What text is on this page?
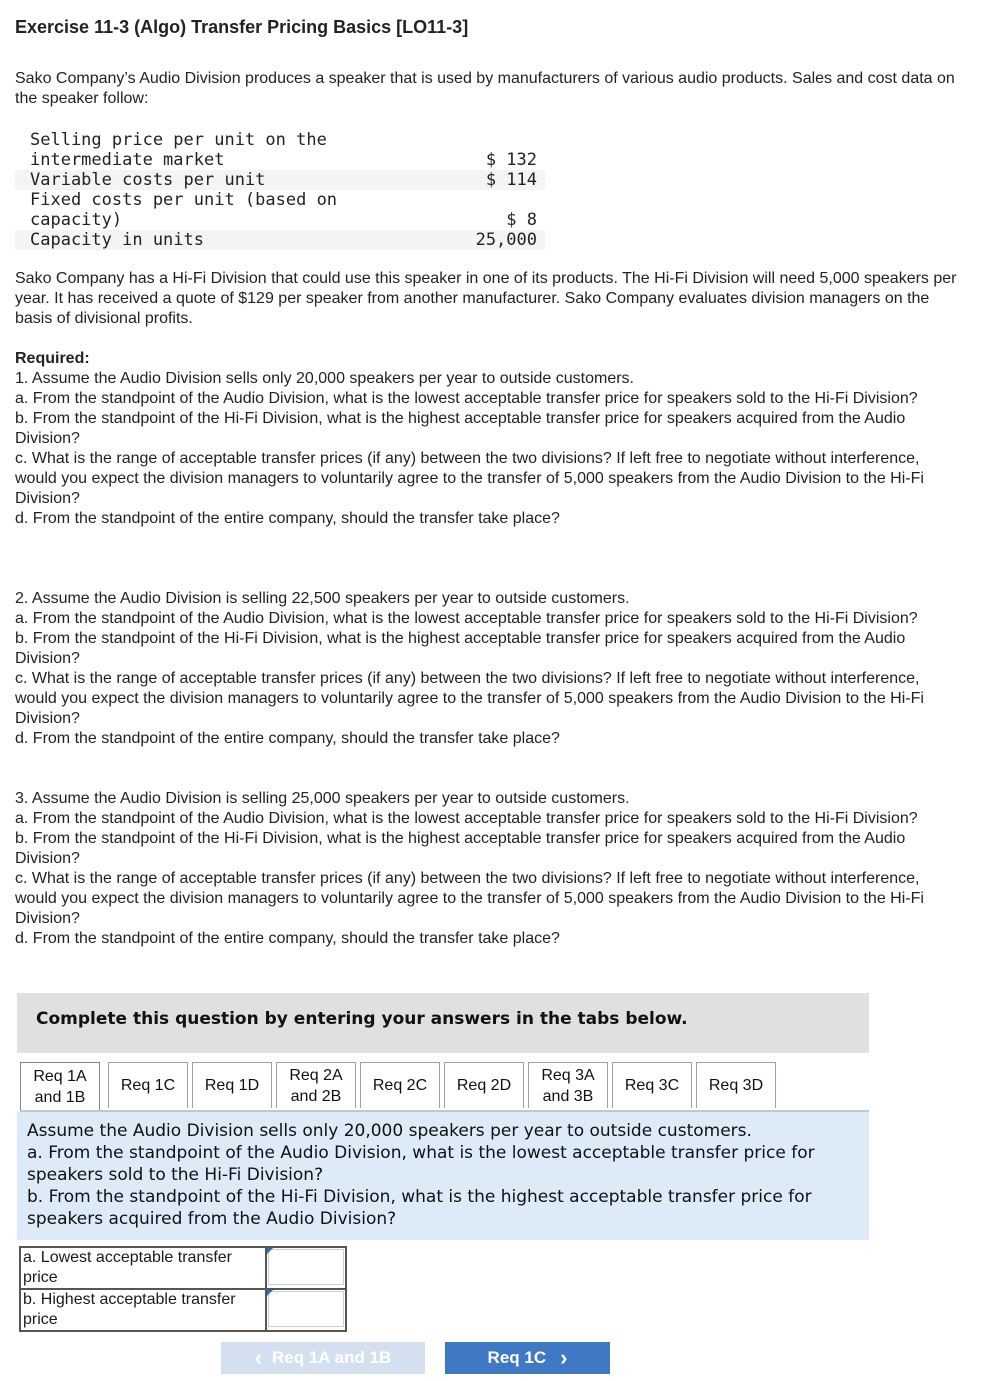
Exercise 11-3 (Algo) Transfer Pricing Basics [LO11-3]
Sako Company’s Audio Division produces a speaker that is used by manufacturers of various audio products. Sales and cost data on the speaker follow:
Selling price per unit on the
intermediate market	$ 132
Variable costs per unit	$ 114
Fixed costs per unit (based on
capacity)	$ 8
Capacity in units	25,000
Sako Company has a Hi-Fi Division that could use this speaker in one of its products. The Hi-Fi Division will need 5,000 speakers per year. It has received a quote of $129 per speaker from another manufacturer. Sako Company evaluates division managers on the basis of divisional profits.
Required:
1. Assume the Audio Division sells only 20,000 speakers per year to outside customers.
a. From the standpoint of the Audio Division, what is the lowest acceptable transfer price for speakers sold to the Hi-Fi Division?
b. From the standpoint of the Hi-Fi Division, what is the highest acceptable transfer price for speakers acquired from the Audio Division?
c. What is the range of acceptable transfer prices (if any) between the two divisions? If left free to negotiate without interference, would you expect the division managers to voluntarily agree to the transfer of 5,000 speakers from the Audio Division to the Hi-Fi Division?
d. From the standpoint of the entire company, should the transfer take place?
2. Assume the Audio Division is selling 22,500 speakers per year to outside customers.
a. From the standpoint of the Audio Division, what is the lowest acceptable transfer price for speakers sold to the Hi-Fi Division?
b. From the standpoint of the Hi-Fi Division, what is the highest acceptable transfer price for speakers acquired from the Audio Division?
c. What is the range of acceptable transfer prices (if any) between the two divisions? If left free to negotiate without interference, would you expect the division managers to voluntarily agree to the transfer of 5,000 speakers from the Audio Division to the Hi-Fi Division?
d. From the standpoint of the entire company, should the transfer take place?
3. Assume the Audio Division is selling 25,000 speakers per year to outside customers.
a. From the standpoint of the Audio Division, what is the lowest acceptable transfer price for speakers sold to the Hi-Fi Division?
b. From the standpoint of the Hi-Fi Division, what is the highest acceptable transfer price for speakers acquired from the Audio Division?
c. What is the range of acceptable transfer prices (if any) between the two divisions? If left free to negotiate without interference, would you expect the division managers to voluntarily agree to the transfer of 5,000 speakers from the Audio Division to the Hi-Fi Division?
d. From the standpoint of the entire company, should the transfer take place?
Complete this question by entering your answers in the tabs below.
Req 1A
and 1B
Req 1C	Req 1D
Req 2A
and 2B
Req 2C	Req 2D
Req 3A
and 3B
Req 3C	Req 3D
Assume the Audio Division sells only 20,000 speakers per year to outside customers.
a. From the standpoint of the Audio Division, what is the lowest acceptable transfer price for speakers sold to the Hi-Fi Division?
b. From the standpoint of the Hi-Fi Division, what is the highest acceptable transfer price for speakers acquired from the Audio Division?
a. Lowest acceptable transfer price	

b. Highest acceptable transfer price	
‹ Req 1A and 1B	Req 1C ›
